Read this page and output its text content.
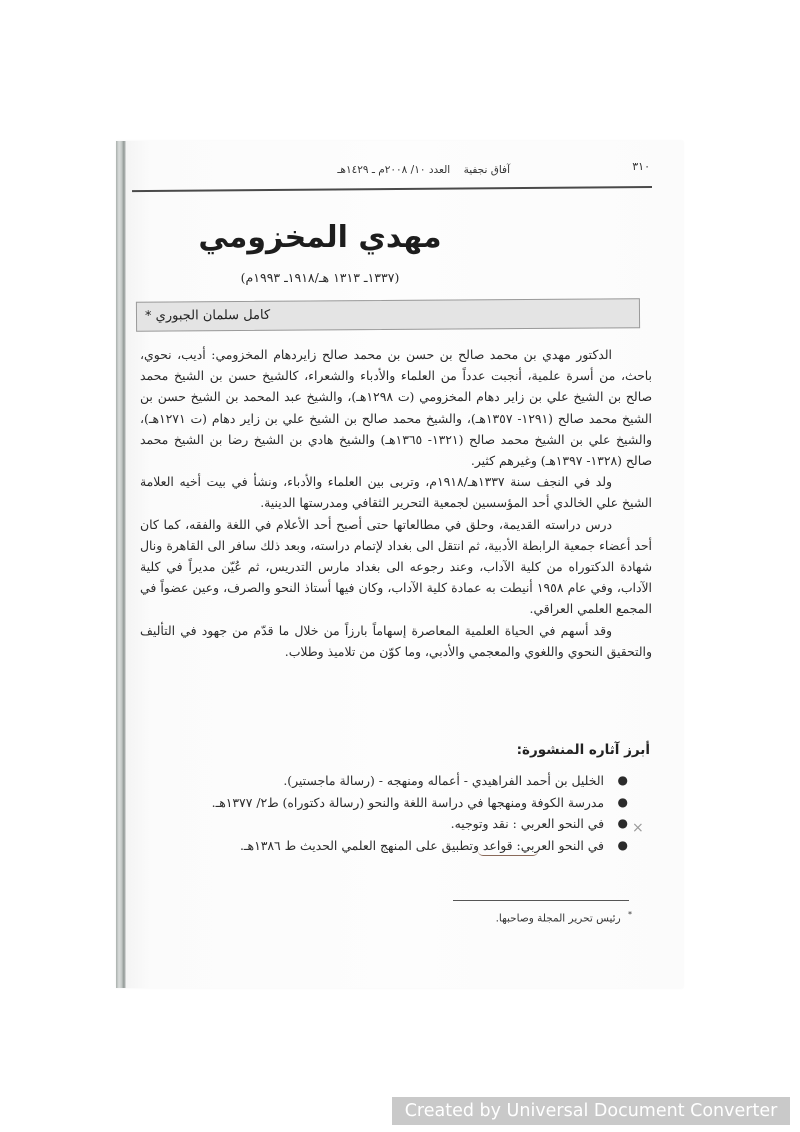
٣١٠
آفاق نجفية العدد ١٠/ ٢٠٠٨م ـ ١٤٢٩هـ
مهدي المخزومي
(١٣٣٧ـ ١٣١٣ هـ/١٩١٨ـ ١٩٩٣م)
كامل سلمان الجبوري *

الدكتور مهدي بن محمد صالح بن حسن بن محمد صالح زايردهام المخزومي: أديب، نحوي، باحث، من أسرة علمية، أنجبت عدداً من العلماء والأدباء والشعراء، كالشيخ حسن بن الشيخ محمد صالح بن الشيخ علي بن زاير دهام المخزومي (ت ١٢٩٨هـ)، والشيخ عبد المحمد بن الشيخ حسن بن الشيخ محمد صالح (١٢٩١- ١٣٥٧هـ)، والشيخ محمد صالح بن الشيخ علي بن زاير دهام (ت ١٢٧١هـ)، والشيخ علي بن الشيخ محمد صالح (١٣٢١- ١٣٦٥هـ) والشيخ هادي بن الشيخ رضا بن الشيخ محمد صالح (١٣٢٨- ١٣٩٧هـ) وغيرهم كثير.

ولد في النجف سنة ١٣٣٧هـ/١٩١٨م، وتربى بين العلماء والأدباء، ونشأ في بيت أخيه العلامة الشيخ علي الخالدي أحد المؤسسين لجمعية التحرير الثقافي ومدرستها الدينية.

درس دراسته القديمة، وحلق في مطالعاتها حتى أصبح أحد الأعلام في اللغة والفقه، كما كان أحد أعضاء جمعية الرابطة الأدبية، ثم انتقل الى بغداد لإتمام دراسته، وبعد ذلك سافر الى القاهرة ونال شهادة الدكتوراه من كلية الآداب، وعند رجوعه الى بغداد مارس التدريس، ثم عُيّن مديراً في كلية الآداب، وفي عام ١٩٥٨ أنيطت به عمادة كلية الآداب، وكان فيها أستاذ النحو والصرف، وعين عضواً في المجمع العلمي العراقي.

وقد أسهم في الحياة العلمية المعاصرة إسهاماً بارزاً من خلال ما قدّم من جهود في التأليف والتحقيق النحوي واللغوي والمعجمي والأدبي، وما كوّن من تلاميذ وطلاب.

أبرز آثاره المنشورة:
●
الخليل بن أحمد الفراهيدي - أعماله ومنهجه - (رسالة ماجستير).
●
مدرسة الكوفة ومنهجها في دراسة اللغة والنحو (رسالة دكتوراه) ط٢/ ١٣٧٧هـ.
●
في النحو العربي : نقد وتوجيه.
●
في النحو العربي: قواعد وتطبيق على المنهج العلمي الحديث ط ١٣٨٦هـ.
×
* رئيس تحرير المجلة وصاحبها.
Created by Universal Document Converter
